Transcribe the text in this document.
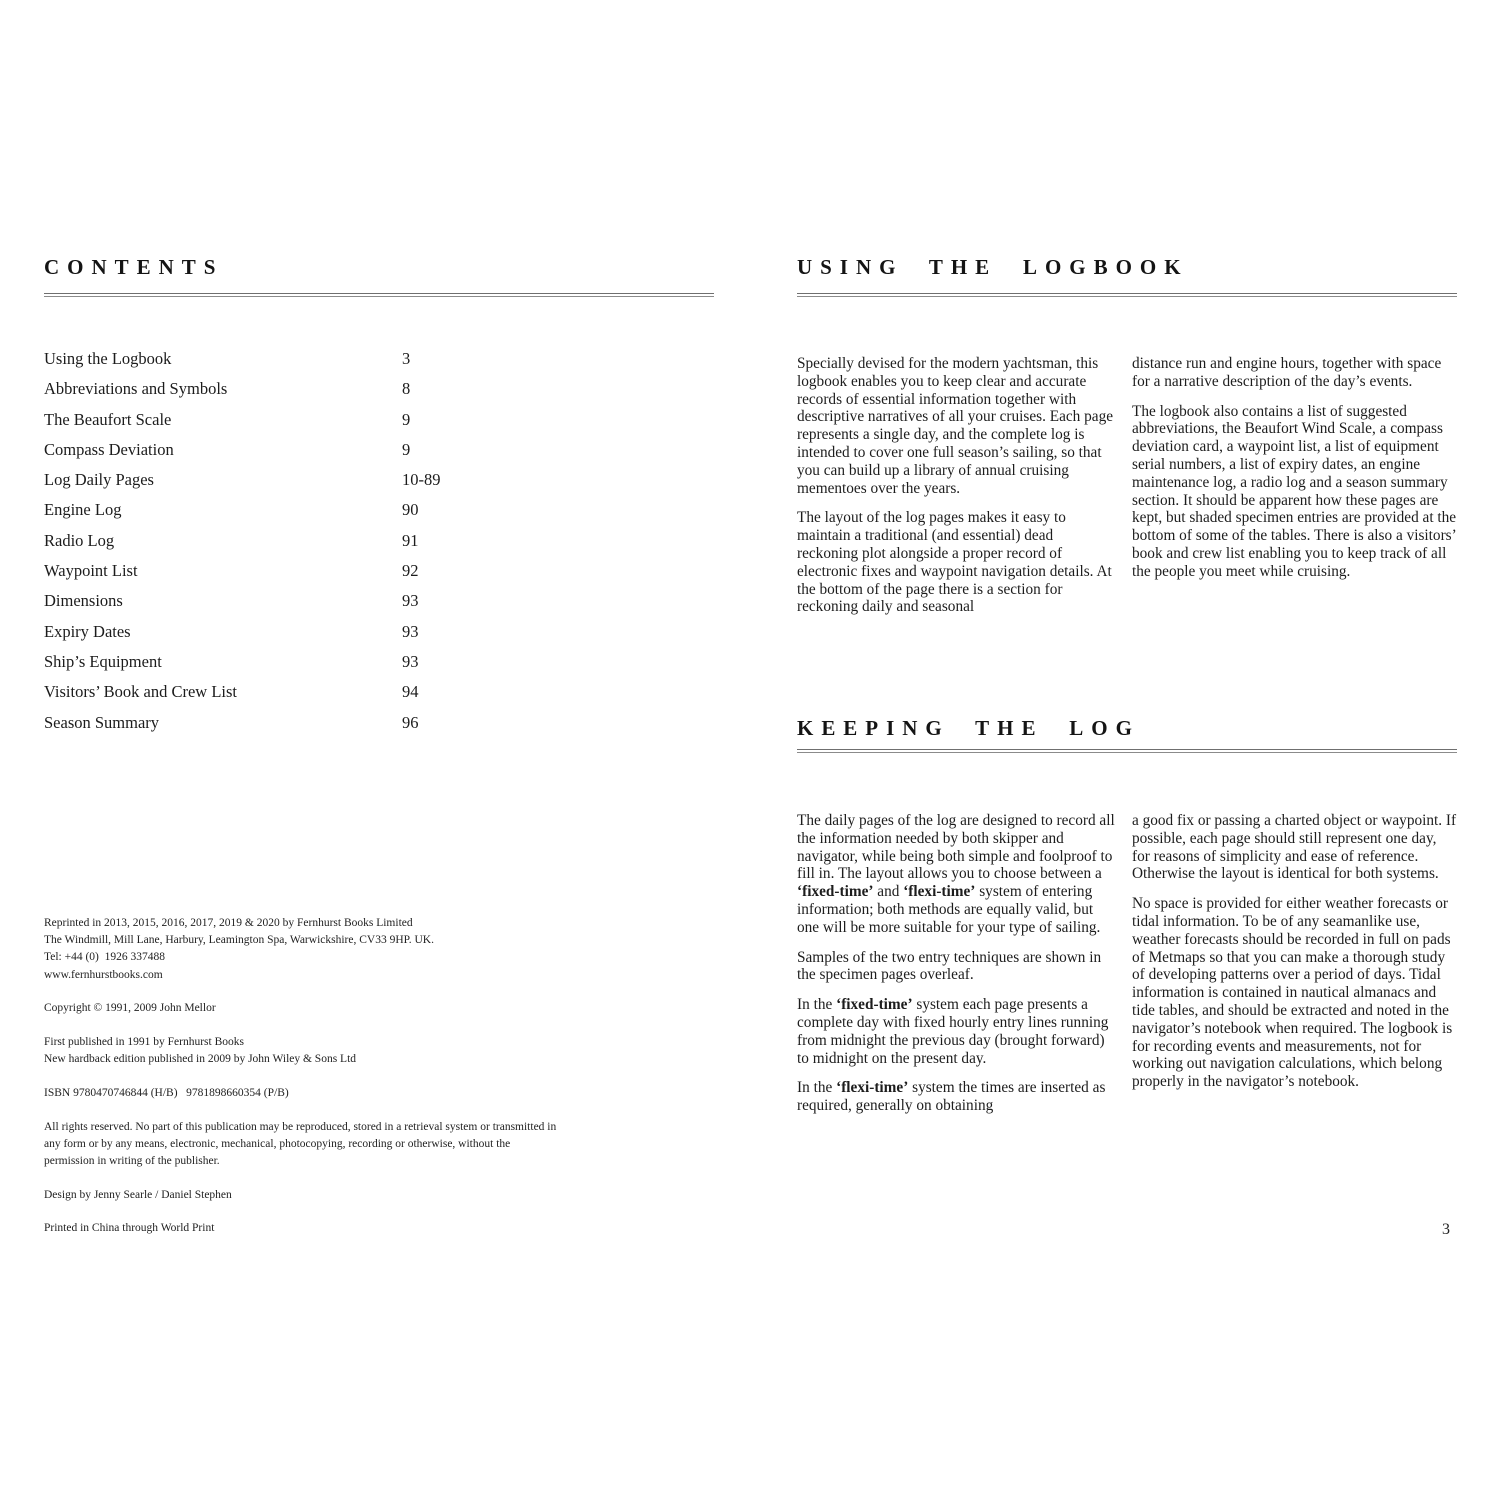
CONTENTS
Using the Logbook	3
Abbreviations and Symbols	8
The Beaufort Scale	9
Compass Deviation	9
Log Daily Pages	10-89
Engine Log	90
Radio Log	91
Waypoint List	92
Dimensions	93
Expiry Dates	93
Ship’s Equipment	93
Visitors’ Book and Crew List	94
Season Summary	96

Reprinted in 2013, 2015, 2016, 2017, 2019 & 2020 by Fernhurst Books Limited
The Windmill, Mill Lane, Harbury, Leamington Spa, Warwickshire, CV33 9HP. UK.
Tel: +44 (0)  1926 337488
www.fernhurstbooks.com

Copyright © 1991, 2009 John Mellor

First published in 1991 by Fernhurst Books
New hardback edition published in 2009 by John Wiley & Sons Ltd

ISBN 9780470746844 (H/B)   9781898660354 (P/B)

All rights reserved. No part of this publication may be reproduced, stored in a retrieval system or transmitted in any form or by any means, electronic, mechanical, photocopying, recording or otherwise, without the permission in writing of the publisher.

Design by Jenny Searle / Daniel Stephen

Printed in China through World Print

USING THE LOGBOOK

Specially devised for the modern yachtsman, this logbook enables you to keep clear and accurate records of essential information together with descriptive narratives of all your cruises. Each page represents a single day, and the complete log is intended to cover one full season’s sailing, so that you can build up a library of annual cruising mementoes over the years.

The layout of the log pages makes it easy to maintain a traditional (and essential) dead reckoning plot alongside a proper record of electronic fixes and waypoint navigation details. At the bottom of the page there is a section for reckoning daily and seasonal

distance run and engine hours, together with space for a narrative description of the day’s events.

The logbook also contains a list of suggested abbreviations, the Beaufort Wind Scale, a compass deviation card, a waypoint list, a list of equipment serial numbers, a list of expiry dates, an engine maintenance log, a radio log and a season summary section. It should be apparent how these pages are kept, but shaded specimen entries are provided at the bottom of some of the tables. There is also a visitors’ book and crew list enabling you to keep track of all the people you meet while cruising.

KEEPING THE LOG

The daily pages of the log are designed to record all the information needed by both skipper and navigator, while being both simple and foolproof to fill in. The layout allows you to choose between a ‘fixed-time’ and ‘flexi-time’ system of entering information; both methods are equally valid, but one will be more suitable for your type of sailing.

Samples of the two entry techniques are shown in the specimen pages overleaf.

In the ‘fixed-time’ system each page presents a complete day with fixed hourly entry lines running from midnight the previous day (brought forward) to midnight on the present day.

In the ‘flexi-time’ system the times are inserted as required, generally on obtaining

a good fix or passing a charted object or waypoint. If possible, each page should still represent one day, for reasons of simplicity and ease of reference. Otherwise the layout is identical for both systems.

No space is provided for either weather forecasts or tidal information. To be of any seamanlike use, weather forecasts should be recorded in full on pads of Metmaps so that you can make a thorough study of developing patterns over a period of days. Tidal information is contained in nautical almanacs and tide tables, and should be extracted and noted in the navigator’s notebook when required. The logbook is for recording events and measurements, not for working out navigation calculations, which belong properly in the navigator’s notebook.

3
